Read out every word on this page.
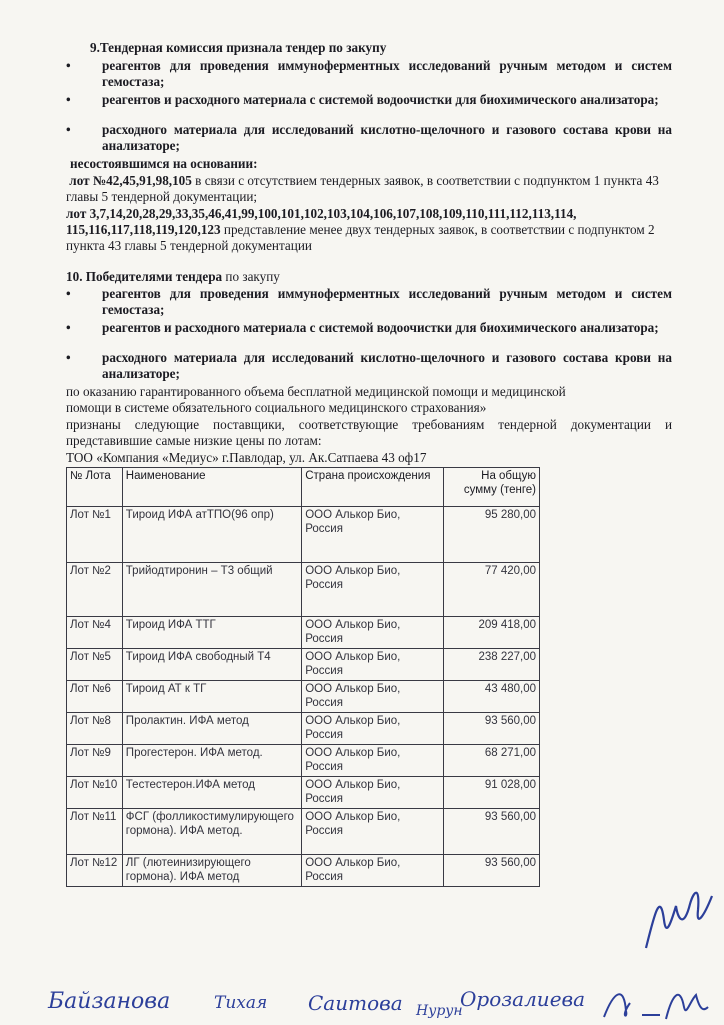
9.Тендерная комиссия признала тендер по закупу
•	реагентов для проведения иммуноферментных исследований ручным методом и систем гемостаза;
•	реагентов и расходного материала с системой водоочистки для биохимического анализатора;
•	расходного материала для исследований кислотно-щелочного и газового состава крови на анализаторе;
несостоявшимся на основании:
лот №42,45,91,98,105 в связи с отсутствием тендерных заявок, в соответствии с подпунктом 1 пункта 43 главы 5 тендерной документации;
лот 3,7,14,20,28,29,33,35,46,41,99,100,101,102,103,104,106,107,108,109,110,111,112,113,114, 115,116,117,118,119,120,123 представление менее двух тендерных заявок, в соответствии с подпунктом 2 пункта 43 главы 5 тендерной документации
10. Победителями тендера по закупу
•	реагентов для проведения иммуноферментных исследований ручным методом и систем гемостаза;
•	реагентов и расходного материала с системой водоочистки для биохимического анализатора;
•	расходного материала для исследований кислотно-щелочного и газового состава крови на анализаторе;
по оказанию гарантированного объема бесплатной медицинской помощи и медицинской помощи в системе обязательного социального медицинского страхования»
признаны следующие поставщики, соответствующие требованиям тендерной документации и представившие самые низкие цены по лотам:
ТОО «Компания «Медиус» г.Павлодар, ул. Ак.Сатпаева 43 оф17
№ Лота	Наименование	Страна происхождения	На общую сумму (тенге)
Лот №1	Тироид ИФА атТПО(96 опр)	ООО Алькор Био, Россия	95 280,00
Лот №2	Трийодтиронин – Т3 общий	ООО Алькор Био, Россия	77 420,00
Лот №4	Тироид ИФА ТТГ	ООО Алькор Био, Россия	209 418,00
Лот №5	Тироид ИФА свободный Т4	ООО Алькор Био, Россия	238 227,00
Лот №6	Тироид АТ к ТГ	ООО Алькор Био, Россия	43 480,00
Лот №8	Пролактин. ИФА метод	ООО Алькор Био, Россия	93 560,00
Лот №9	Прогестерон. ИФА метод.	ООО Алькор Био, Россия	68 271,00
Лот №10	Тестестерон.ИФА метод	ООО Алькор Био, Россия	91 028,00
Лот №11	ФСГ (фолликостимулирующего гормона). ИФА метод.	ООО Алькор Био, Россия	93 560,00
Лот №12	ЛГ (лютеинизирующего гормона). ИФА метод	ООО Алькор Био, Россия	93 560,00
Байзанова	Тихая Саитова Нурун
Орозалиева
